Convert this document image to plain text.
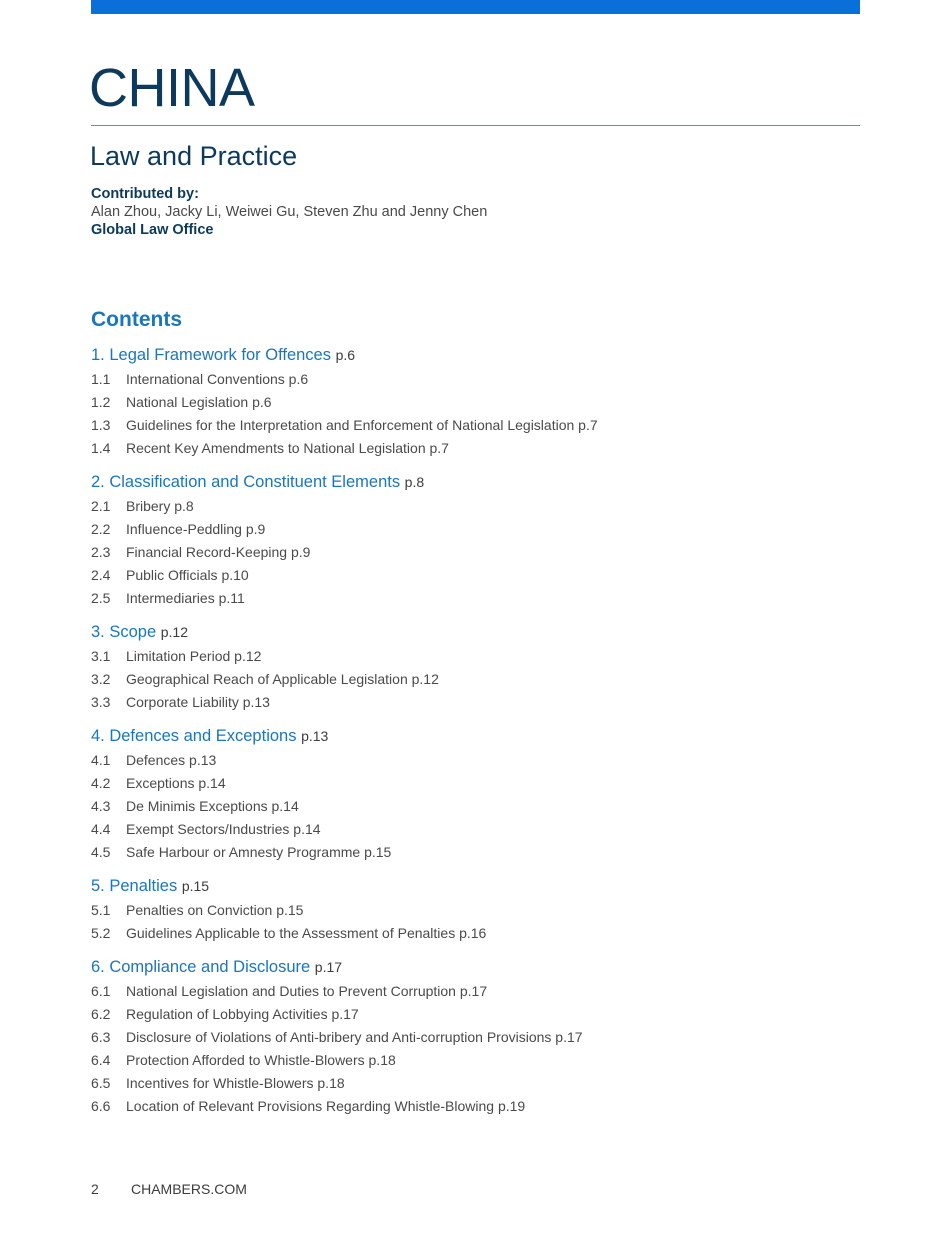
CHINA
Law and Practice
Contributed by:
Alan Zhou, Jacky Li, Weiwei Gu, Steven Zhu and Jenny Chen
Global Law Office
Contents
1. Legal Framework for Offences p.6
1.1 International Conventions p.6
1.2 National Legislation p.6
1.3 Guidelines for the Interpretation and Enforcement of National Legislation p.7
1.4 Recent Key Amendments to National Legislation p.7
2. Classification and Constituent Elements p.8
2.1 Bribery p.8
2.2 Influence-Peddling p.9
2.3 Financial Record-Keeping p.9
2.4 Public Officials p.10
2.5 Intermediaries p.11
3. Scope p.12
3.1 Limitation Period p.12
3.2 Geographical Reach of Applicable Legislation p.12
3.3 Corporate Liability p.13
4. Defences and Exceptions p.13
4.1 Defences p.13
4.2 Exceptions p.14
4.3 De Minimis Exceptions p.14
4.4 Exempt Sectors/Industries p.14
4.5 Safe Harbour or Amnesty Programme p.15
5. Penalties p.15
5.1 Penalties on Conviction p.15
5.2 Guidelines Applicable to the Assessment of Penalties p.16
6. Compliance and Disclosure p.17
6.1 National Legislation and Duties to Prevent Corruption p.17
6.2 Regulation of Lobbying Activities p.17
6.3 Disclosure of Violations of Anti-bribery and Anti-corruption Provisions p.17
6.4 Protection Afforded to Whistle-Blowers p.18
6.5 Incentives for Whistle-Blowers p.18
6.6 Location of Relevant Provisions Regarding Whistle-Blowing p.19
2 CHAMBERS.COM
